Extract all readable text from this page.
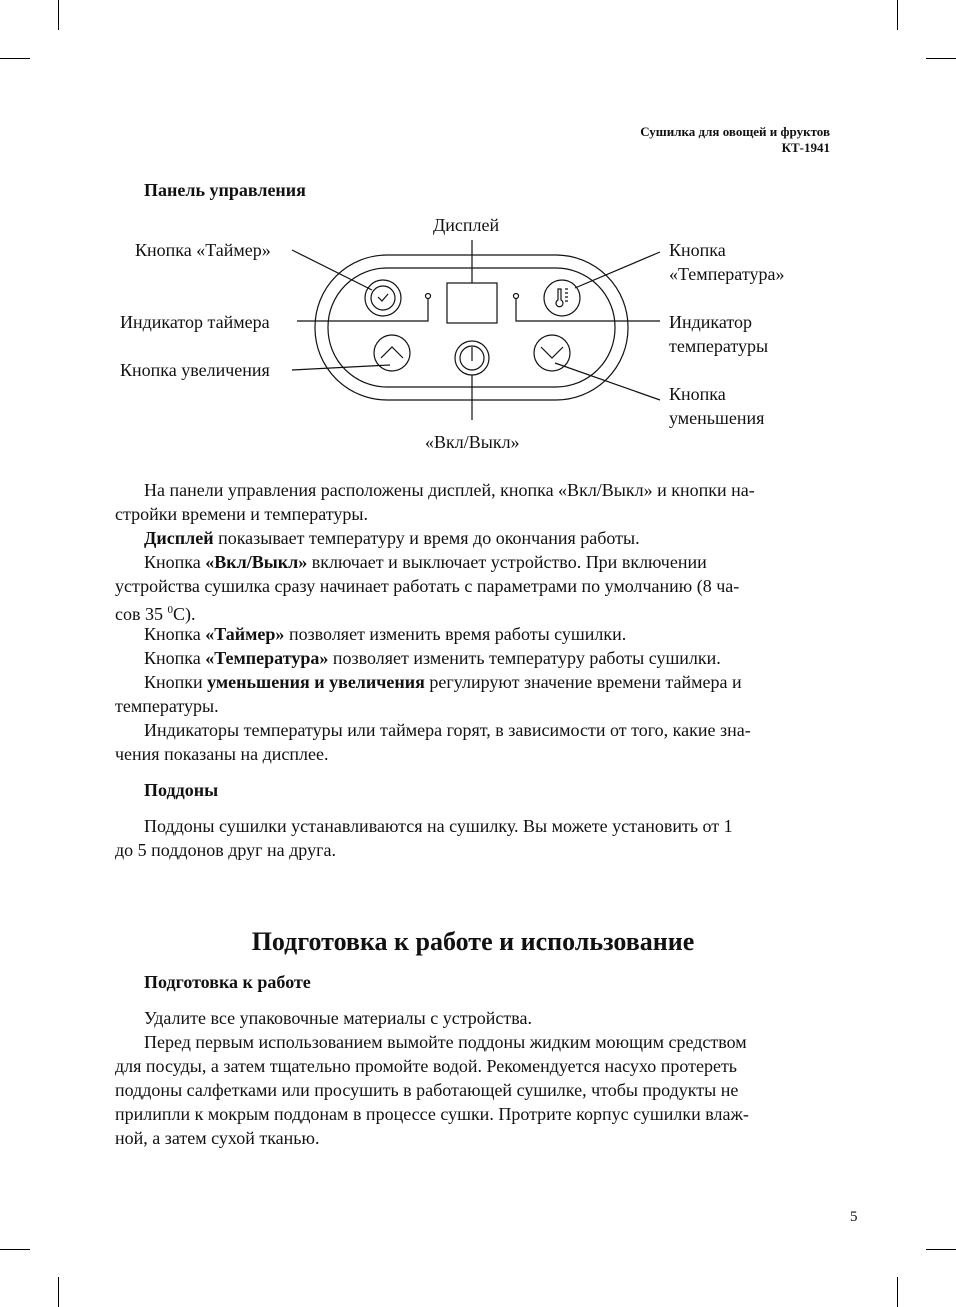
Сушилка для овощей и фруктов
КТ-1941
Панель управления
Дисплей
Кнопка «Таймер»
Индикатор таймера
Кнопка увеличения
«Вкл/Выкл»
Кнопка
«Температура»
Индикатор
температуры
Кнопка
уменьшения
На панели управления расположены дисплей, кнопка «Вкл/Выкл» и кнопки на-
стройки времени и температуры.
Дисплей показывает температуру и время до окончания работы.
Кнопка «Вкл/Выкл» включает и выключает устройство. При включении
устройства сушилка сразу начинает работать с параметрами по умолчанию (8 ча-
сов 35 $^0$С).
Кнопка «Таймер» позволяет изменить время работы сушилки.
Кнопка «Температура» позволяет изменить температуру работы сушилки.
Кнопки уменьшения и увеличения регулируют значение времени таймера и
температуры.
Индикаторы температуры или таймера горят, в зависимости от того, какие зна-
чения показаны на дисплее.
Поддоны
Поддоны сушилки устанавливаются на сушилку. Вы можете установить от 1
до 5 поддонов друг на друга.
Подготовка к работе и использование
Подготовка к работе
Удалите все упаковочные материалы с устройства.
Перед первым использованием вымойте поддоны жидким моющим средством
для посуды, а затем тщательно промойте водой. Рекомендуется насухо протереть
поддоны салфетками или просушить в работающей сушилке, чтобы продукты не
прилипли к мокрым поддонам в процессе сушки. Протрите корпус сушилки влаж-
ной, а затем сухой тканью.
5
